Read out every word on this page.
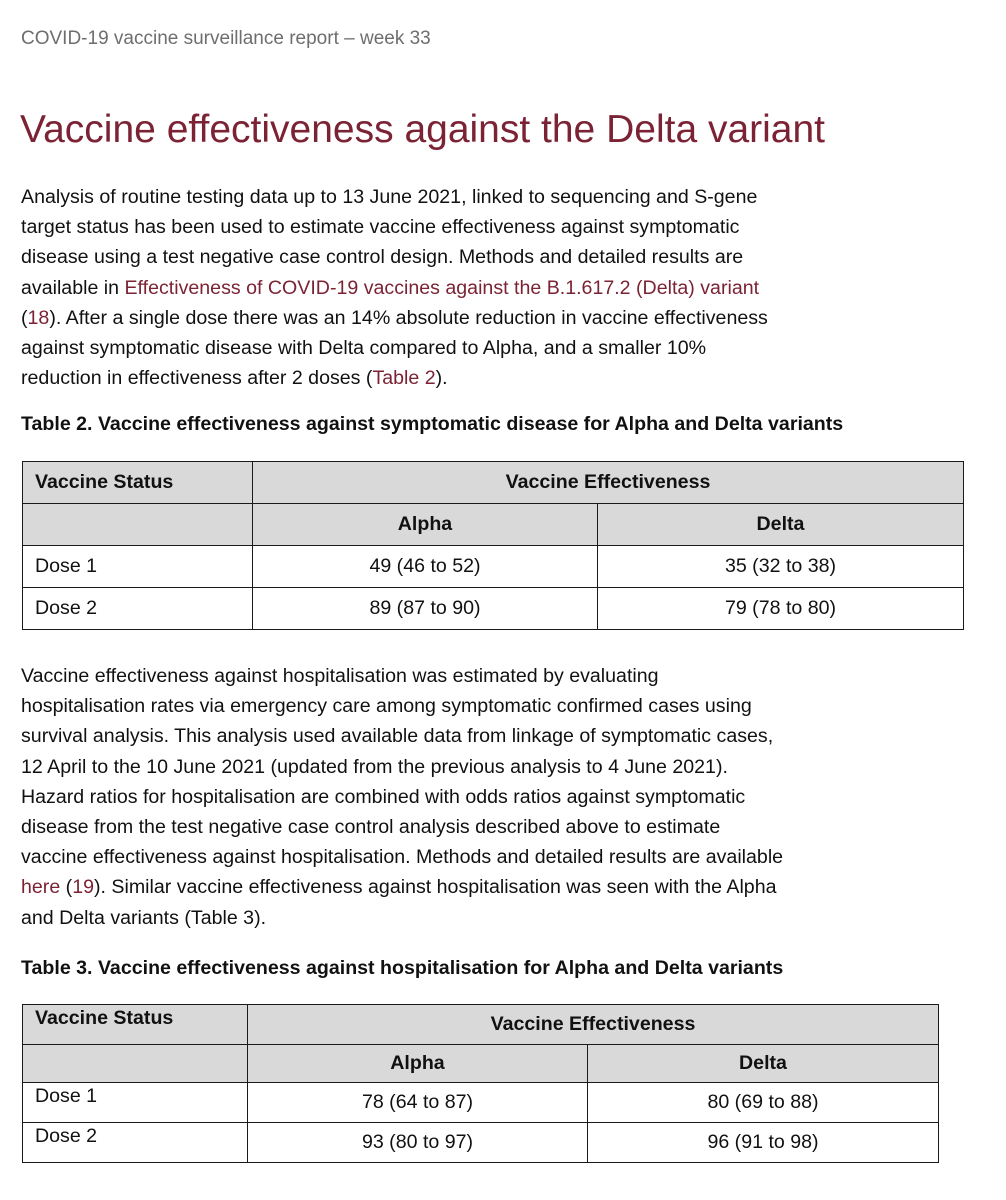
COVID-19 vaccine surveillance report – week 33
Vaccine effectiveness against the Delta variant

Analysis of routine testing data up to 13 June 2021, linked to sequencing and S-gene
target status has been used to estimate vaccine effectiveness against symptomatic
disease using a test negative case control design. Methods and detailed results are
available in Effectiveness of COVID-19 vaccines against the B.1.617.2 (Delta) variant
(18). After a single dose there was an 14% absolute reduction in vaccine effectiveness
against symptomatic disease with Delta compared to Alpha, and a smaller 10%
reduction in effectiveness after 2 doses (Table 2).

Table 2. Vaccine effectiveness against symptomatic disease for Alpha and Delta variants
Vaccine Status	Vaccine Effectiveness	
	Alpha	Delta
Dose 1	49 (46 to 52)	35 (32 to 38)
Dose 2	89 (87 to 90)	79 (78 to 80)

Vaccine effectiveness against hospitalisation was estimated by evaluating
hospitalisation rates via emergency care among symptomatic confirmed cases using
survival analysis. This analysis used available data from linkage of symptomatic cases,
12 April to the 10 June 2021 (updated from the previous analysis to 4 June 2021).
Hazard ratios for hospitalisation are combined with odds ratios against symptomatic
disease from the test negative case control analysis described above to estimate
vaccine effectiveness against hospitalisation. Methods and detailed results are available
here (19). Similar vaccine effectiveness against hospitalisation was seen with the Alpha
and Delta variants (Table 3).

Table 3. Vaccine effectiveness against hospitalisation for Alpha and Delta variants
Vaccine Status	Vaccine Effectiveness	
	Alpha	Delta
Dose 1	78 (64 to 87)	80 (69 to 88)
Dose 2	93 (80 to 97)	96 (91 to 98)
